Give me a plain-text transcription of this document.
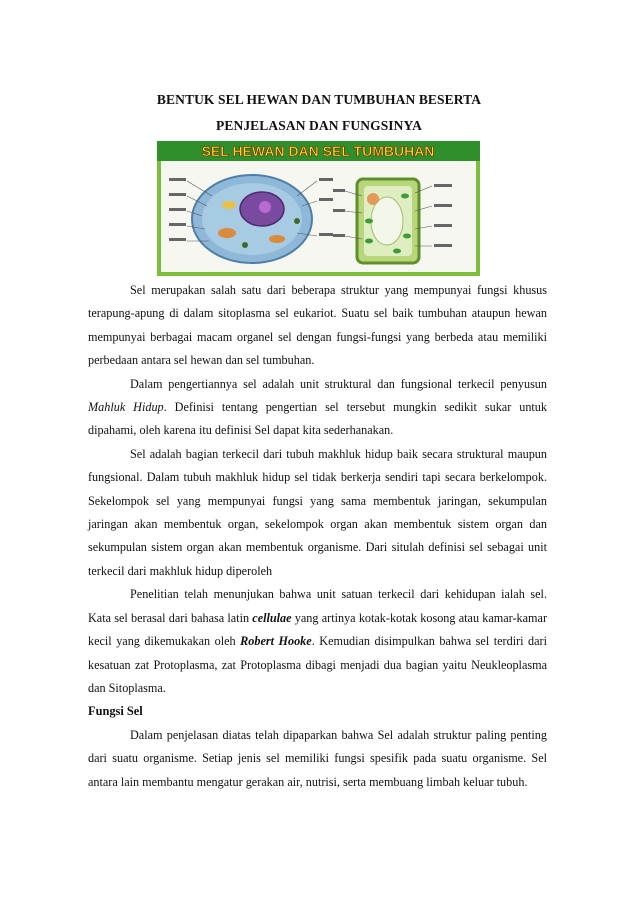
BENTUK SEL HEWAN DAN TUMBUHAN BESERTA
PENJELASAN DAN FUNGSINYA
SEL HEWAN DAN SEL TUMBUHAN

Sel merupakan salah satu dari beberapa struktur yang mempunyai fungsi khusus terapung-apung di dalam sitoplasma sel eukariot. Suatu sel baik tumbuhan ataupun hewan mempunyai berbagai macam organel sel dengan fungsi-fungsi yang berbeda atau memiliki perbedaan antara sel hewan dan sel tumbuhan.

Dalam pengertiannya sel adalah unit struktural dan fungsional terkecil penyusun Mahluk Hidup. Definisi tentang pengertian sel tersebut mungkin sedikit sukar untuk dipahami, oleh karena itu definisi Sel dapat kita sederhanakan.

Sel adalah bagian terkecil dari tubuh makhluk hidup baik secara struktural maupun fungsional. Dalam tubuh makhluk hidup sel tidak berkerja sendiri tapi secara berkelompok. Sekelompok sel yang mempunyai fungsi yang sama membentuk jaringan, sekumpulan jaringan akan membentuk organ, sekelompok organ akan membentuk sistem organ dan sekumpulan sistem organ akan membentuk organisme. Dari situlah definisi sel sebagai unit terkecil dari makhluk hidup diperoleh

Penelitian telah menunjukan bahwa unit satuan terkecil dari kehidupan ialah sel. Kata sel berasal dari bahasa latin cellulae yang artinya kotak-kotak kosong atau kamar-kamar kecil yang dikemukakan oleh Robert Hooke. Kemudian disimpulkan bahwa sel terdiri dari kesatuan zat Protoplasma, zat Protoplasma dibagi menjadi dua bagian yaitu Neukleoplasma dan Sitoplasma.

Fungsi Sel

Dalam penjelasan diatas telah dipaparkan bahwa Sel adalah struktur paling penting dari suatu organisme. Setiap jenis sel memiliki fungsi spesifik pada suatu organisme. Sel antara lain membantu mengatur gerakan air, nutrisi, serta membuang limbah keluar tubuh.
